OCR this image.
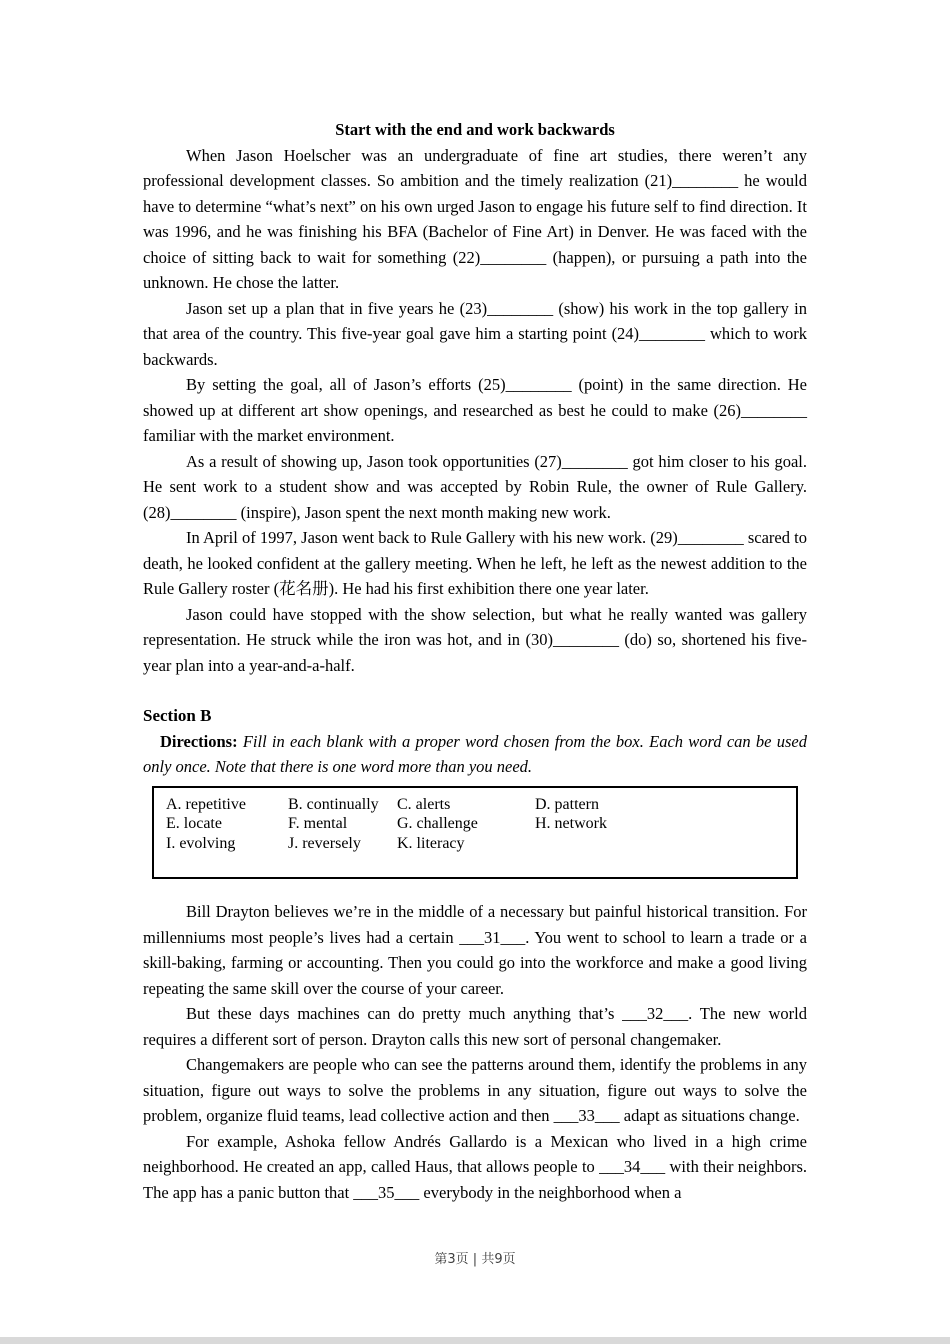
Start with the end and work backwards

When Jason Hoelscher was an undergraduate of fine art studies, there weren’t any professional development classes. So ambition and the timely realization (21)________ he would have to determine “what’s next” on his own urged Jason to engage his future self to find direction. It was 1996, and he was finishing his BFA (Bachelor of Fine Art) in Denver. He was faced with the choice of sitting back to wait for something (22)________ (happen), or pursuing a path into the unknown. He chose the latter.

Jason set up a plan that in five years he (23)________ (show) his work in the top gallery in that area of the country. This five-year goal gave him a starting point (24)________ which to work backwards.

By setting the goal, all of Jason’s efforts (25)________ (point) in the same direction. He showed up at different art show openings, and researched as best he could to make (26)________ familiar with the market environment.

As a result of showing up, Jason took opportunities (27)________ got him closer to his goal. He sent work to a student show and was accepted by Robin Rule, the owner of Rule Gallery. (28)________ (inspire), Jason spent the next month making new work.

In April of 1997, Jason went back to Rule Gallery with his new work. (29)________ scared to death, he looked confident at the gallery meeting. When he left, he left as the newest addition to the Rule Gallery roster (花名册). He had his first exhibition there one year later.

Jason could have stopped with the show selection, but what he really wanted was gallery representation. He struck while the iron was hot, and in (30)________ (do) so, shortened his five-year plan into a year-and-a-half.

Section B

Directions: Fill in each blank with a proper word chosen from the box. Each word can be used only once. Note that there is one word more than you need.

A. repetitive	B. continually	C. alerts	D. pattern
E. locate	F. mental	G. challenge	H. network
I. evolving	J. reversely	K. literacy

Bill Drayton believes we’re in the middle of a necessary but painful historical transition. For millenniums most people’s lives had a certain ___31___. You went to school to learn a trade or a skill-baking, farming or accounting. Then you could go into the workforce and make a good living repeating the same skill over the course of your career.

But these days machines can do pretty much anything that’s ___32___. The new world requires a different sort of person. Drayton calls this new sort of personal changemaker.

Changemakers are people who can see the patterns around them, identify the problems in any situation, figure out ways to solve the problems in any situation, figure out ways to solve the problem, organize fluid teams, lead collective action and then ___33___ adapt as situations change.

For example, Ashoka fellow Andrés Gallardo is a Mexican who lived in a high crime neighborhood. He created an app, called Haus, that allows people to ___34___ with their neighbors. The app has a panic button that ___35___ everybody in the neighborhood when a

第3页 | 共9页
